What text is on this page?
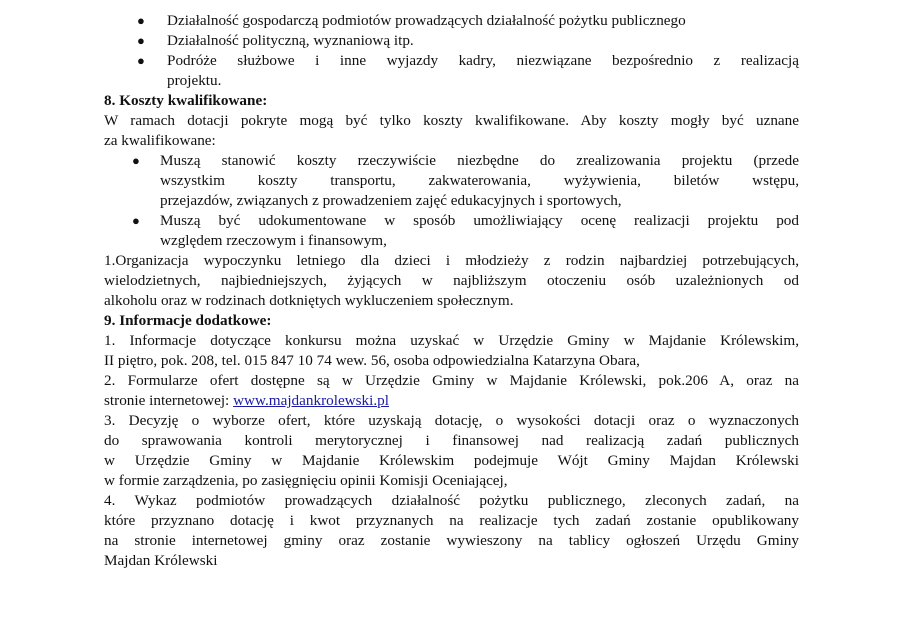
● Działalność gospodarczą podmiotów prowadzących działalność pożytku publicznego
● Działalność polityczną, wyznaniową itp.
● Podróże służbowe i inne wyjazdy kadry, niezwiązane bezpośrednio z realizacją
projektu.
8. Koszty kwalifikowane:
W ramach dotacji pokryte mogą być tylko koszty kwalifikowane. Aby koszty mogły być uznane
za kwalifikowane:
● Muszą stanowić koszty rzeczywiście niezbędne do zrealizowania projektu (przede
wszystkim koszty transportu, zakwaterowania, wyżywienia, biletów wstępu,
przejazdów, związanych z prowadzeniem zajęć edukacyjnych i sportowych,
● Muszą być udokumentowane w sposób umożliwiający ocenę realizacji projektu pod
względem rzeczowym i finansowym,
1.Organizacja wypoczynku letniego dla dzieci i młodzieży z rodzin najbardziej potrzebujących,
wielodzietnych, najbiedniejszych, żyjących w najbliższym otoczeniu osób uzależnionych od
alkoholu oraz w rodzinach dotkniętych wykluczeniem społecznym.
9. Informacje dodatkowe:
1. Informacje dotyczące konkursu można uzyskać w Urzędzie Gminy w Majdanie Królewskim,
II piętro, pok. 208, tel. 015 847 10 74 wew. 56, osoba odpowiedzialna Katarzyna Obara,
2. Formularze ofert dostępne są w Urzędzie Gminy w Majdanie Królewski, pok.206 A, oraz na
stronie internetowej: www.majdankrolewski.pl
3. Decyzję o wyborze ofert, które uzyskają dotację, o wysokości dotacji oraz o wyznaczonych
do sprawowania kontroli merytorycznej i finansowej nad realizacją zadań publicznych
w Urzędzie Gminy w Majdanie Królewskim podejmuje Wójt Gminy Majdan Królewski
w formie zarządzenia, po zasięgnięciu opinii Komisji Oceniającej,
4. Wykaz podmiotów prowadzących działalność pożytku publicznego, zleconych zadań, na
które przyznano dotację i kwot przyznanych na realizacje tych zadań zostanie opublikowany
na stronie internetowej gminy oraz zostanie wywieszony na tablicy ogłoszeń Urzędu Gminy
Majdan Królewski
